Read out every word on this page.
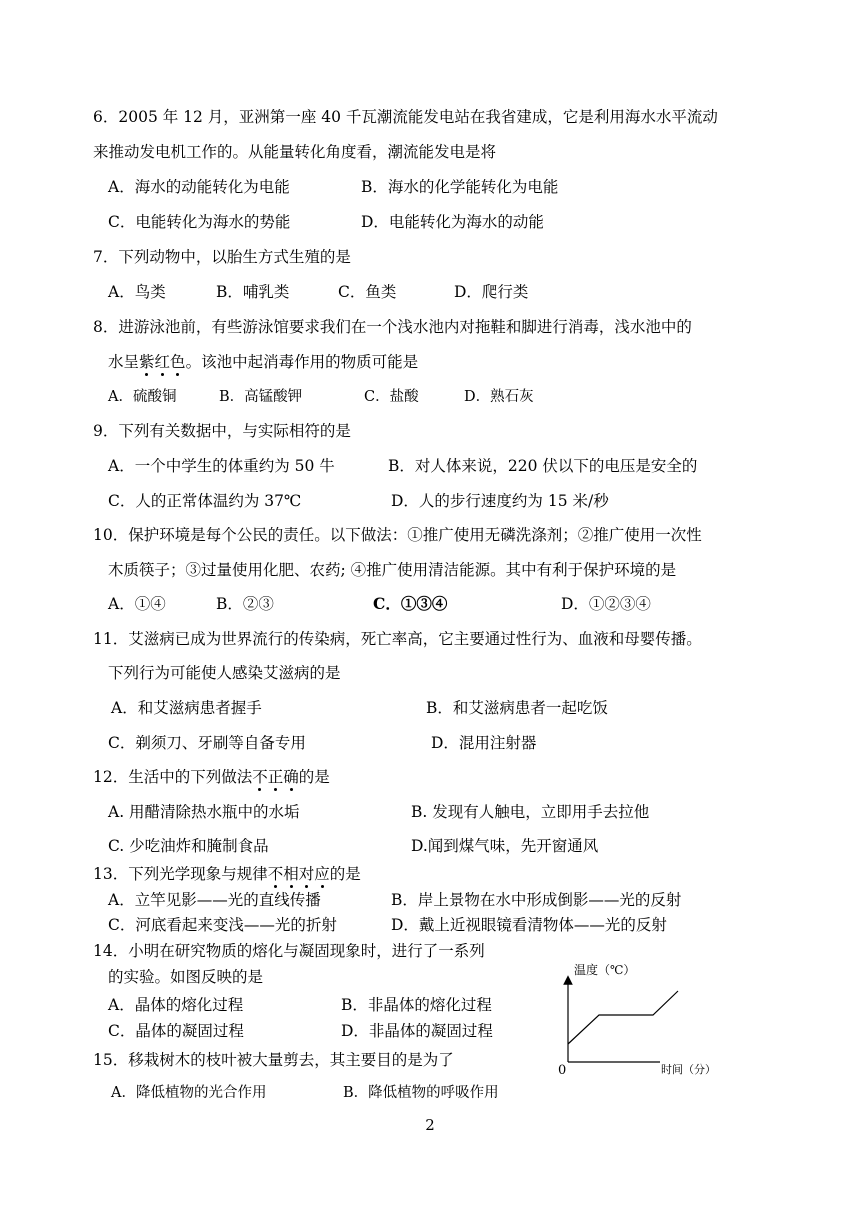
6．2005 年 12 月，亚洲第一座 40 千瓦潮流能发电站在我省建成，它是利用海水水平流动
来推动发电机工作的。从能量转化角度看，潮流能发电是将
A．海水的动能转化为电能	B．海水的化学能转化为电能
C．电能转化为海水的势能	D．电能转化为海水的动能
7．下列动物中，以胎生方式生殖的是
A．鸟类	B．哺乳类	C．鱼类	D．爬行类
8．进游泳池前，有些游泳馆要求我们在一个浅水池内对拖鞋和脚进行消毒，浅水池中的
水呈紫红色。该池中起消毒作用的物质可能是
A．硫酸铜	B．高锰酸钾	C．盐酸	D．熟石灰
9．下列有关数据中，与实际相符的是
A．一个中学生的体重约为 50 牛	B．对人体来说，220 伏以下的电压是安全的
C．人的正常体温约为 37℃	D．人的步行速度约为 15 米/秒
10．保护环境是每个公民的责任。以下做法：①推广使用无磷洗涤剂；②推广使用一次性
木质筷子；③过量使用化肥、农药; ④推广使用清洁能源。其中有利于保护环境的是
A．①④	B．②③	C．①③④	D．①②③④
11．艾滋病已成为世界流行的传染病，死亡率高，它主要通过性行为、血液和母婴传播。
下列行为可能使人感染艾滋病的是
A．和艾滋病患者握手	B．和艾滋病患者一起吃饭
C．剃须刀、牙刷等自备专用	D．混用注射器
12．生活中的下列做法不正确的是
A. 用醋清除热水瓶中的水垢	B. 发现有人触电，立即用手去拉他
C. 少吃油炸和腌制食品	D.闻到煤气味，先开窗通风
13．下列光学现象与规律不相对应的是
A．立竿见影——光的直线传播	B．岸上景物在水中形成倒影——光的反射
C．河底看起来变浅——光的折射	D．戴上近视眼镜看清物体——光的反射
14．小明在研究物质的熔化与凝固现象时，进行了一系列
的实验。如图反映的是
A．晶体的熔化过程	B．非晶体的熔化过程
C．晶体的凝固过程	D．非晶体的凝固过程
15．移栽树木的枝叶被大量剪去，其主要目的是为了
A．降低植物的光合作用	B．降低植物的呼吸作用
温度（℃）
时间（分）
0
2
